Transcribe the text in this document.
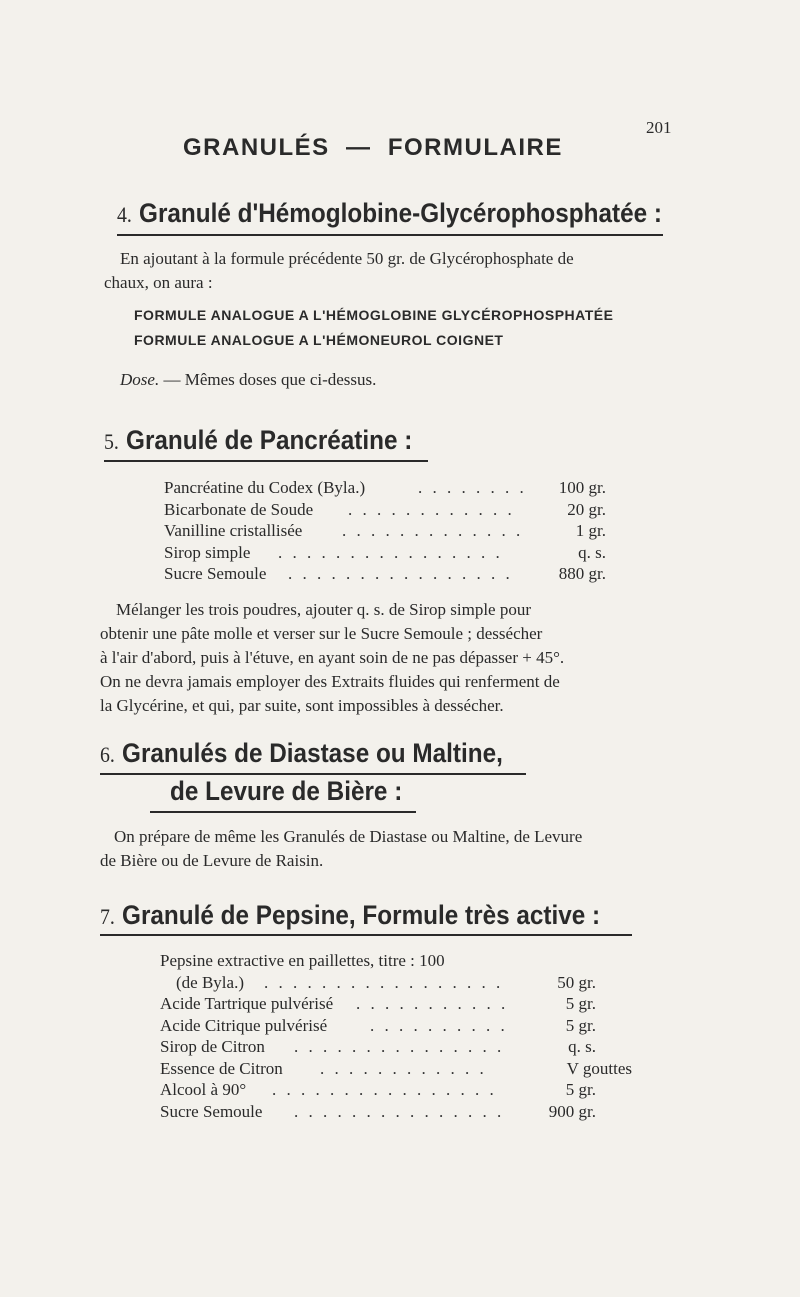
201
GRANULÉS  —  FORMULAIRE
4. Granulé d'Hémoglobine-Glycérophosphatée :
En ajoutant à la formule précédente 50 gr. de Glycérophosphate de
chaux, on aura :
FORMULE ANALOGUE A L'HÉMOGLOBINE GLYCÉROPHOSPHATÉE
FORMULE ANALOGUE A L'HÉMONEUROL COIGNET
Dose. — Mêmes doses que ci-dessus.
5. Granulé de Pancréatine :
Pancréatine du Codex (Byla.)	. . . . . . . . 100 gr.
Bicarbonate de Soude . . . . . . . . . . . .	20 gr.
Vanilline cristallisée . . . . . . . . . . . . .	1 gr.
Sirop simple . . . . . . . . . . . . . . . .	q. s.
Sucre Semoule . . . . . . . . . . . . . . . .	880 gr.
Mélanger les trois poudres, ajouter q. s. de Sirop simple pour
obtenir une pâte molle et verser sur le Sucre Semoule ; dessécher
à l'air d'abord, puis à l'étuve, en ayant soin de ne pas dépasser + 45°.
On ne devra jamais employer des Extraits fluides qui renferment de
la Glycérine, et qui, par suite, sont impossibles à dessécher.
6. Granulés de Diastase ou Maltine,
de Levure de Bière :
On prépare de même les Granulés de Diastase ou Maltine, de Levure
de Bière ou de Levure de Raisin.
7. Granulé de Pepsine, Formule très active :
Pepsine extractive en paillettes, titre : 100
(de Byla.) . . . . . . . . . . . . . . . . .	50 gr.
Acide Tartrique pulvérisé . . . . . . . . . . .	5 gr.
Acide Citrique pulvérisé	. . . . . . . . . .	5 gr.
Sirop de Citron . . . . . . . . . . . . . . .	q. s.
Essence de Citron . . . . . . . . . . . .	V gouttes
Alcool à 90° . . . . . . . . . . . . . . . .	5 gr.
Sucre Semoule . . . . . . . . . . . . . . .	900 gr.
